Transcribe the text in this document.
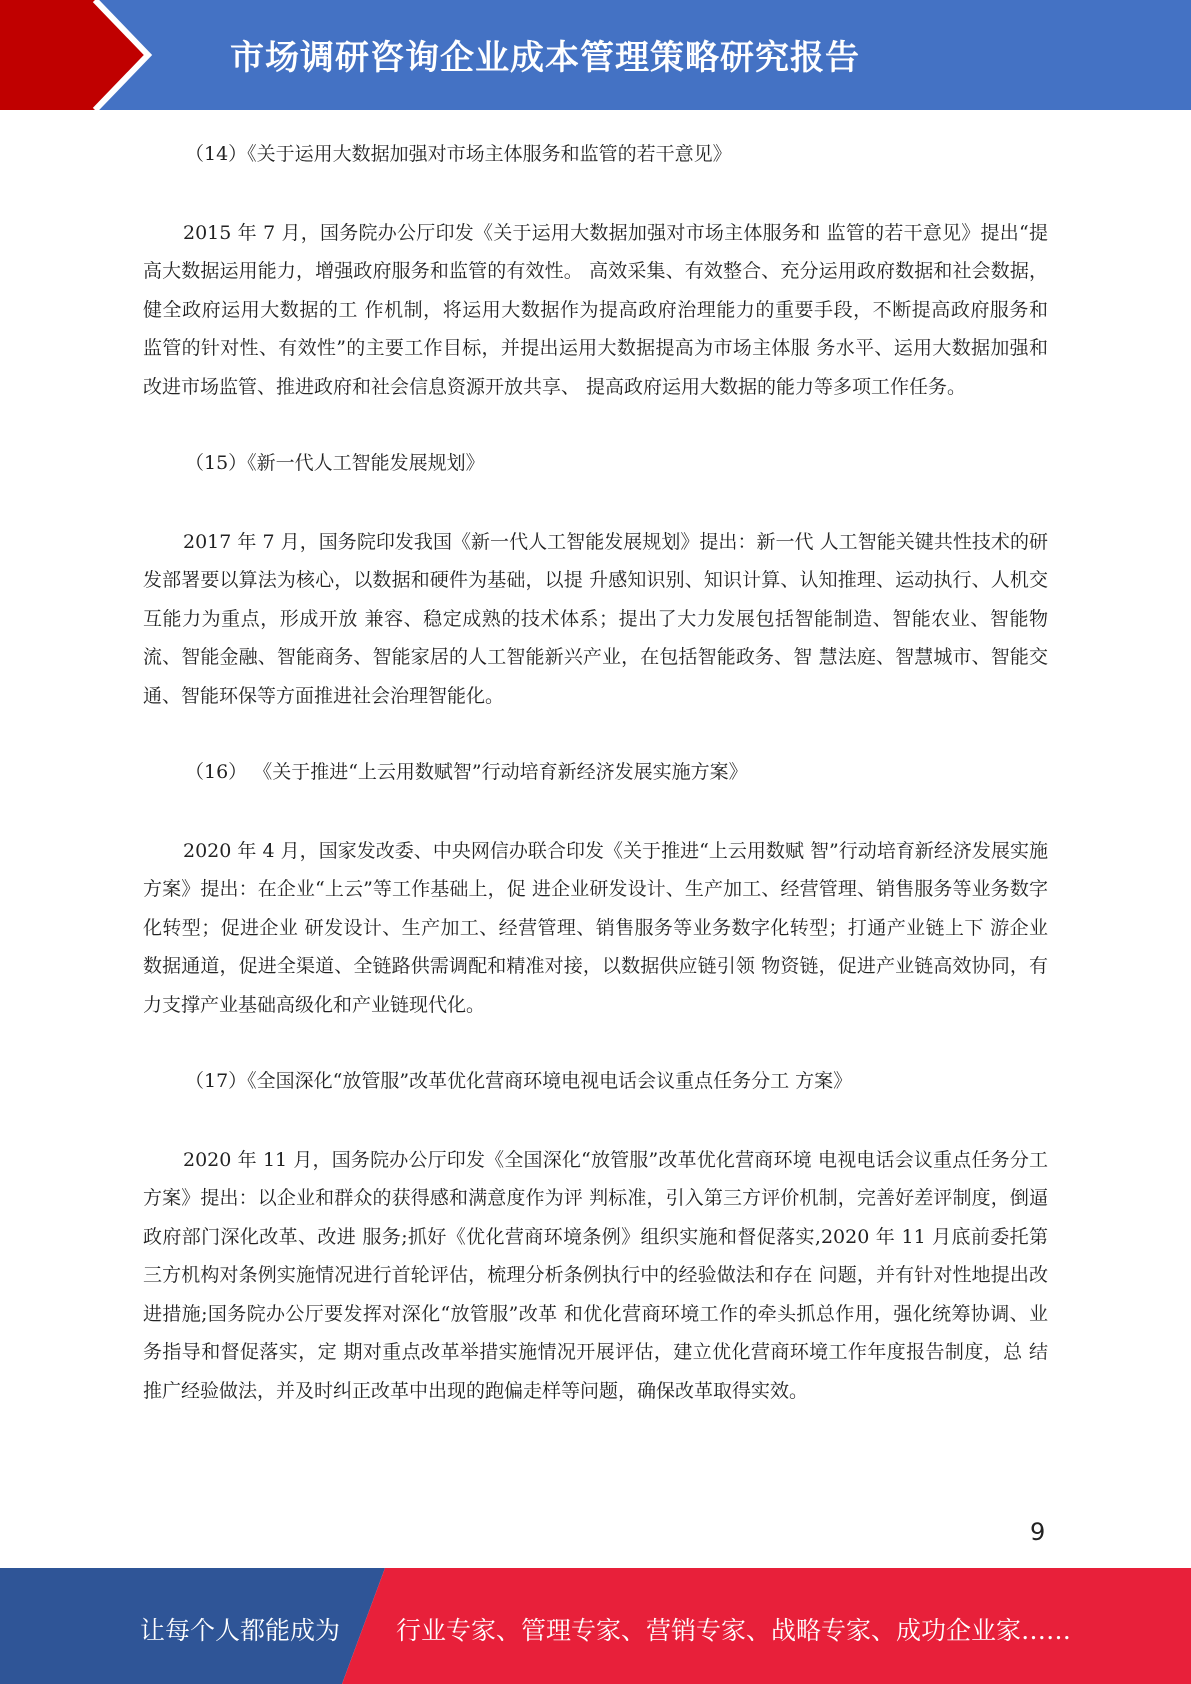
市场调研咨询企业成本管理策略研究报告
（14）《关于运用大数据加强对市场主体服务和监管的若干意见》
2015 年 7 月，国务院办公厅印发《关于运用大数据加强对市场主体服务和 监管的若干意见》提出“提高大数据运用能力，增强政府服务和监管的有效性。 高效采集、有效整合、充分运用政府数据和社会数据，健全政府运用大数据的工 作机制，将运用大数据作为提高政府治理能力的重要手段，不断提高政府服务和 监管的针对性、有效性”的主要工作目标，并提出运用大数据提高为市场主体服 务水平、运用大数据加强和改进市场监管、推进政府和社会信息资源开放共享、 提高政府运用大数据的能力等多项工作任务。
（15）《新一代人工智能发展规划》
2017 年 7 月，国务院印发我国《新一代人工智能发展规划》提出：新一代 人工智能关键共性技术的研发部署要以算法为核心，以数据和硬件为基础，以提 升感知识别、知识计算、认知推理、运动执行、人机交互能力为重点，形成开放 兼容、稳定成熟的技术体系；提出了大力发展包括智能制造、智能农业、智能物 流、智能金融、智能商务、智能家居的人工智能新兴产业，在包括智能政务、智 慧法庭、智慧城市、智能交通、智能环保等方面推进社会治理智能化。
（16） 《关于推进“上云用数赋智”行动培育新经济发展实施方案》
2020 年 4 月，国家发改委、中央网信办联合印发《关于推进“上云用数赋 智”行动培育新经济发展实施方案》提出：在企业“上云”等工作基础上，促 进企业研发设计、生产加工、经营管理、销售服务等业务数字化转型；促进企业 研发设计、生产加工、经营管理、销售服务等业务数字化转型；打通产业链上下 游企业数据通道，促进全渠道、全链路供需调配和精准对接，以数据供应链引领 物资链，促进产业链高效协同，有力支撑产业基础高级化和产业链现代化。
（17）《全国深化“放管服”改革优化营商环境电视电话会议重点任务分工 方案》
2020 年 11 月，国务院办公厅印发《全国深化“放管服”改革优化营商环境 电视电话会议重点任务分工方案》提出：以企业和群众的获得感和满意度作为评 判标准，引入第三方评价机制，完善好差评制度，倒逼政府部门深化改革、改进 服务;抓好《优化营商环境条例》组织实施和督促落实,2020 年 11 月底前委托第 三方机构对条例实施情况进行首轮评估，梳理分析条例执行中的经验做法和存在 问题，并有针对性地提出改进措施;国务院办公厅要发挥对深化“放管服”改革 和优化营商环境工作的牵头抓总作用，强化统筹协调、业务指导和督促落实，定 期对重点改革举措实施情况开展评估，建立优化营商环境工作年度报告制度，总 结推广经验做法，并及时纠正改革中出现的跑偏走样等问题，确保改革取得实效。
9
让每个人都能成为 行业专家、管理专家、营销专家、战略专家、成功企业家……
